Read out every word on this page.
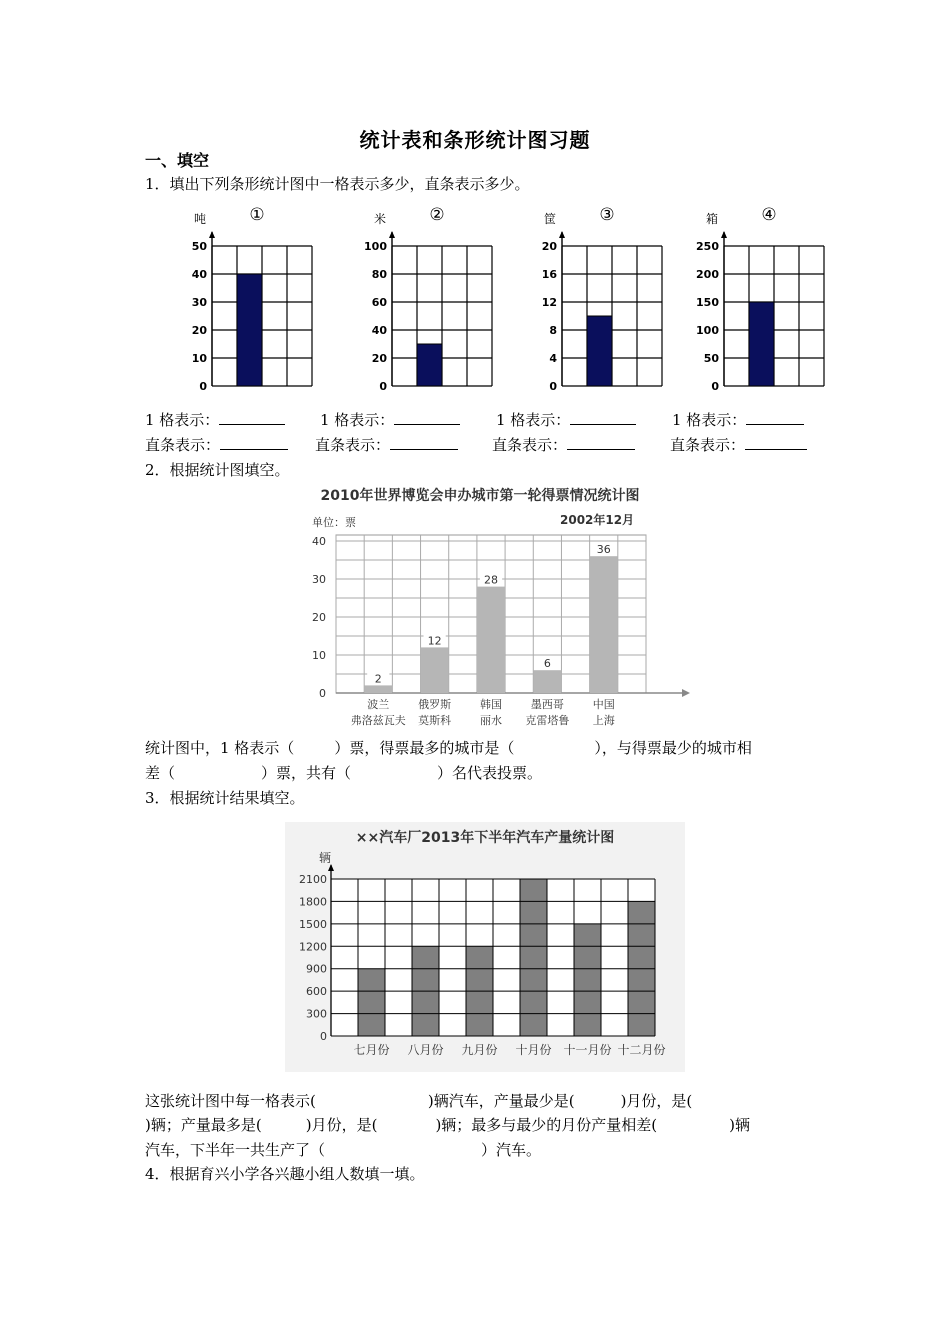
统计表和条形统计图习题
一、填空
1．填出下列条形统计图中一格表示多少，直条表示多少。
0
10
20
30
40
50
吨	①
0
20
40
60
80
100
米	②
0
4
8
12
16
20
筐	③
0
50
100
150
200
250
箱	④
1 格表示：	1 格表示：	1 格表示：	1 格表示：
直条表示：	直条表示：	直条表示：	直条表示：
2．根据统计图填空。
2010年世界博览会申办城市第一轮得票情况统计图
单位：票	2002年12月
0
10
20
30
40
2
波兰
弗洛兹瓦夫
12
俄罗斯
莫斯科
28
韩国
丽水
6
墨西哥
克雷塔鲁
36
中国
上海
统计图中，1 格表示（	）票，得票最多的城市是（	），与得票最少的城市相
差（	）票，共有（	）名代表投票。
3．根据统计结果填空。
××汽车厂2013年下半年汽车产量统计图
辆
0
300
600
900
1200
1500
1800
2100
七月份 八月份 九月份 十月份 十一月份 十二月份
这张统计图中每一格表示(	)辆汽车，产量最少是(	)月份，是(
)辆；产量最多是(	)月份，是(	)辆；最多与最少的月份产量相差(	)辆
汽车，下半年一共生产了（	）汽车。
4．根据育兴小学各兴趣小组人数填一填。
